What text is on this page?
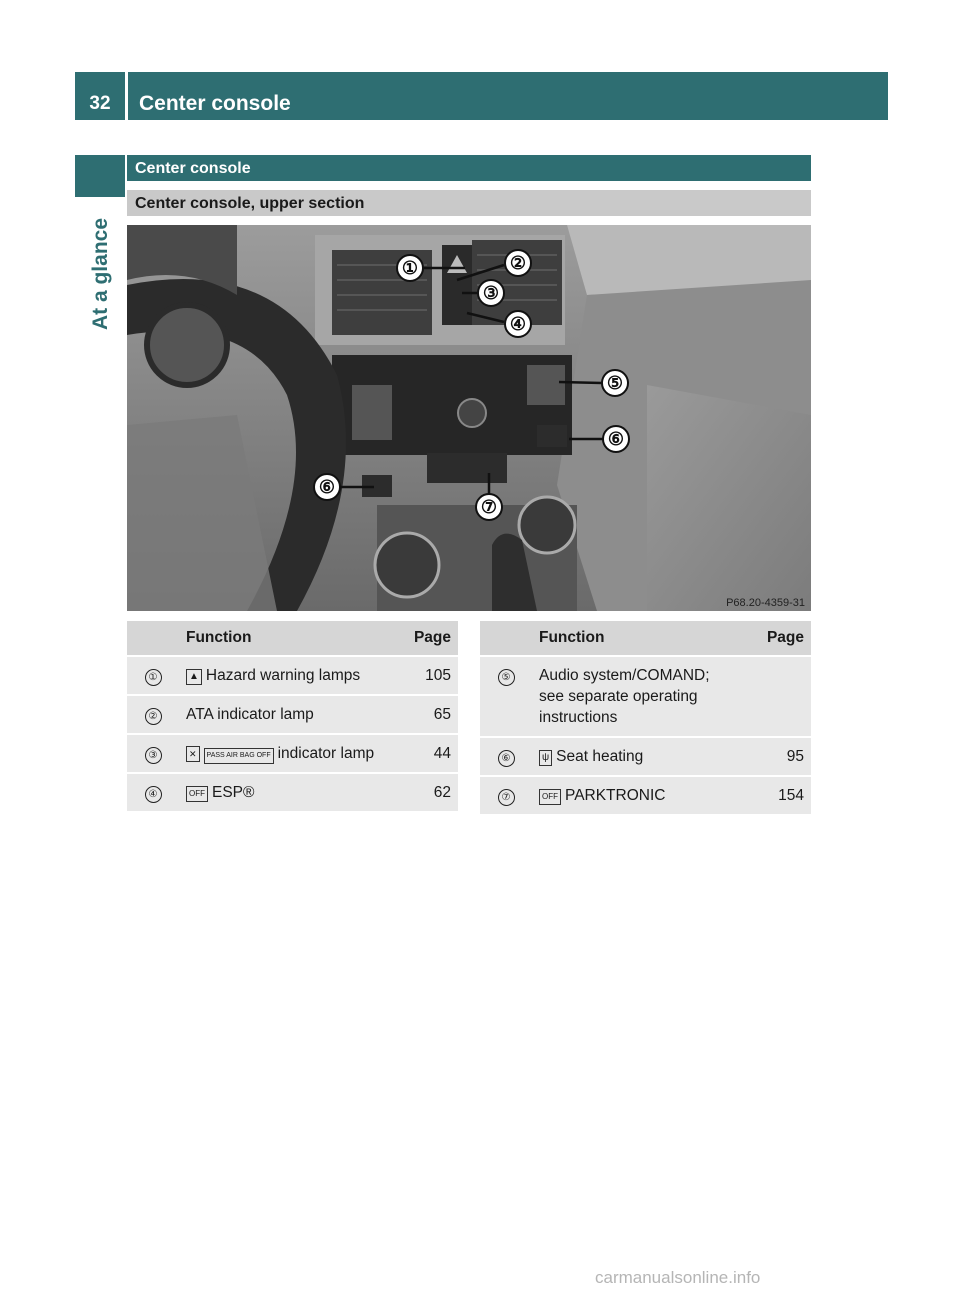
32	Center console
At a glance
Center console
Center console, upper section
①	②
③
④
⑤
⑥
⑥
⑦
P68.20-4359-31
	Function	Page
①	▲ Hazard warning lamps	105
②	ATA indicator lamp	65
③	✕ PASS AIR BAG OFF indicator lamp	44
④	OFF ESP®	62
	Function	Page
⑤	Audio system/COMAND; see separate operating instructions	
⑥	ψ Seat heating	95
⑦	OFF PARKTRONIC	154
carmanualsonline.info
